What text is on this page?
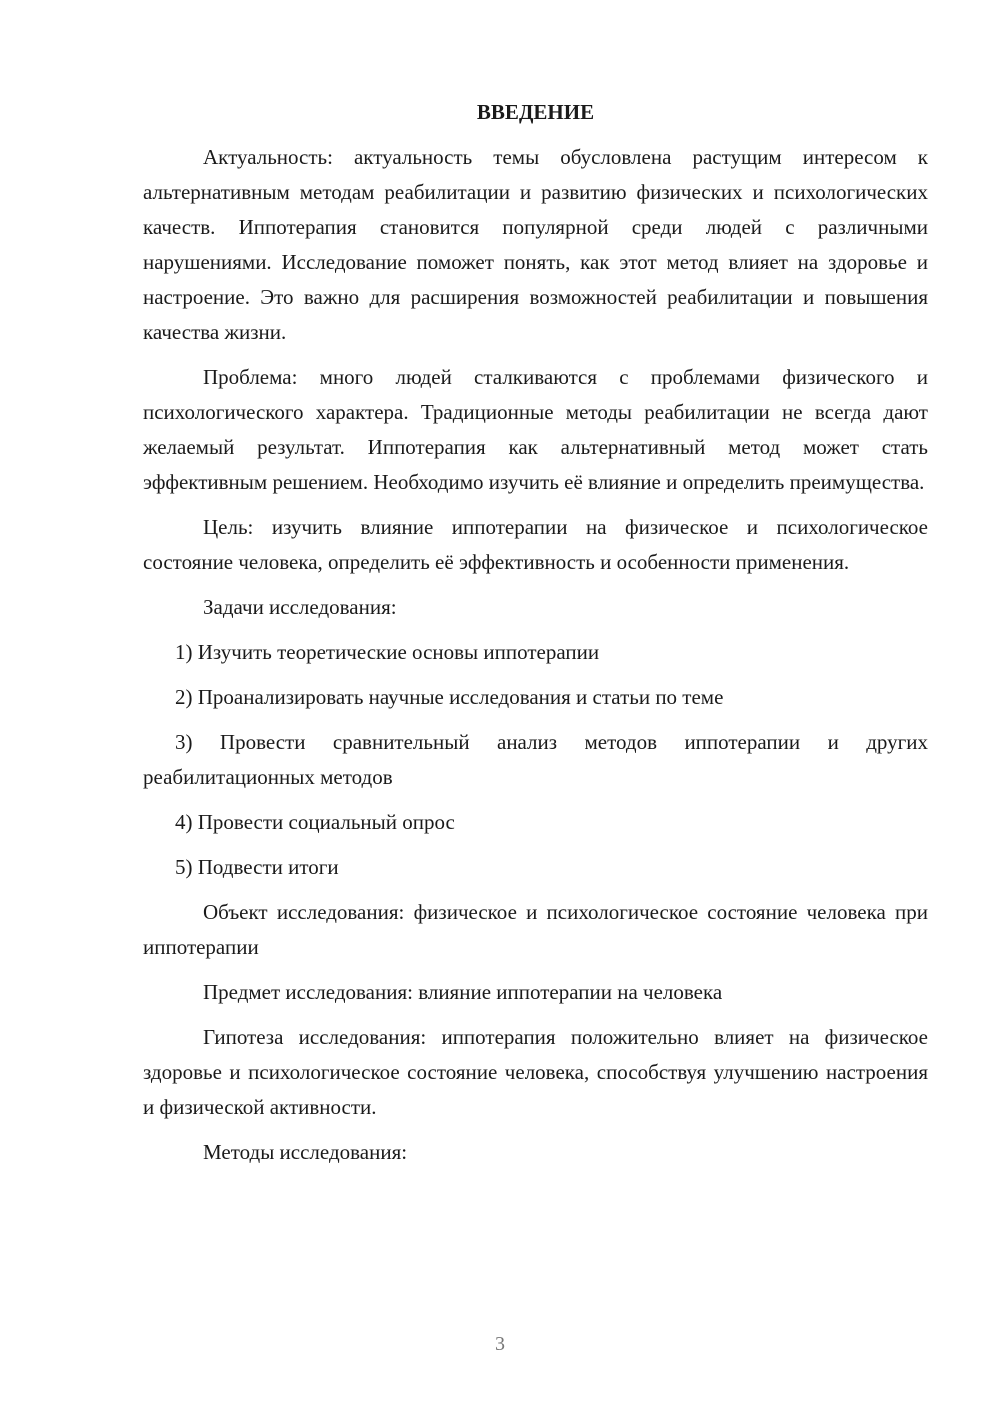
ВВЕДЕНИЕ

Актуальность: актуальность темы обусловлена растущим интересом к альтернативным методам реабилитации и развитию физических и психологических качеств. Иппотерапия становится популярной среди людей с различными нарушениями. Исследование поможет понять, как этот метод влияет на здоровье и настроение. Это важно для расширения возможностей реабилитации и повышения качества жизни.

Проблема: много людей сталкиваются с проблемами физического и психологического характера. Традиционные методы реабилитации не всегда дают желаемый результат. Иппотерапия как альтернативный метод может стать эффективным решением. Необходимо изучить её влияние и определить преимущества.

Цель: изучить влияние иппотерапии на физическое и психологическое состояние человека, определить её эффективность и особенности применения.

Задачи исследования:

1) Изучить теоретические основы иппотерапии

2) Проанализировать научные исследования и статьи по теме

3) Провести сравнительный анализ методов иппотерапии и других реабилитационных методов

4) Провести социальный опрос

5) Подвести итоги

Объект исследования: физическое и психологическое состояние человека при иппотерапии

Предмет исследования: влияние иппотерапии на человека

Гипотеза исследования: иппотерапия положительно влияет на физическое здоровье и психологическое состояние человека, способствуя улучшению настроения и физической активности.

Методы исследования:

3
